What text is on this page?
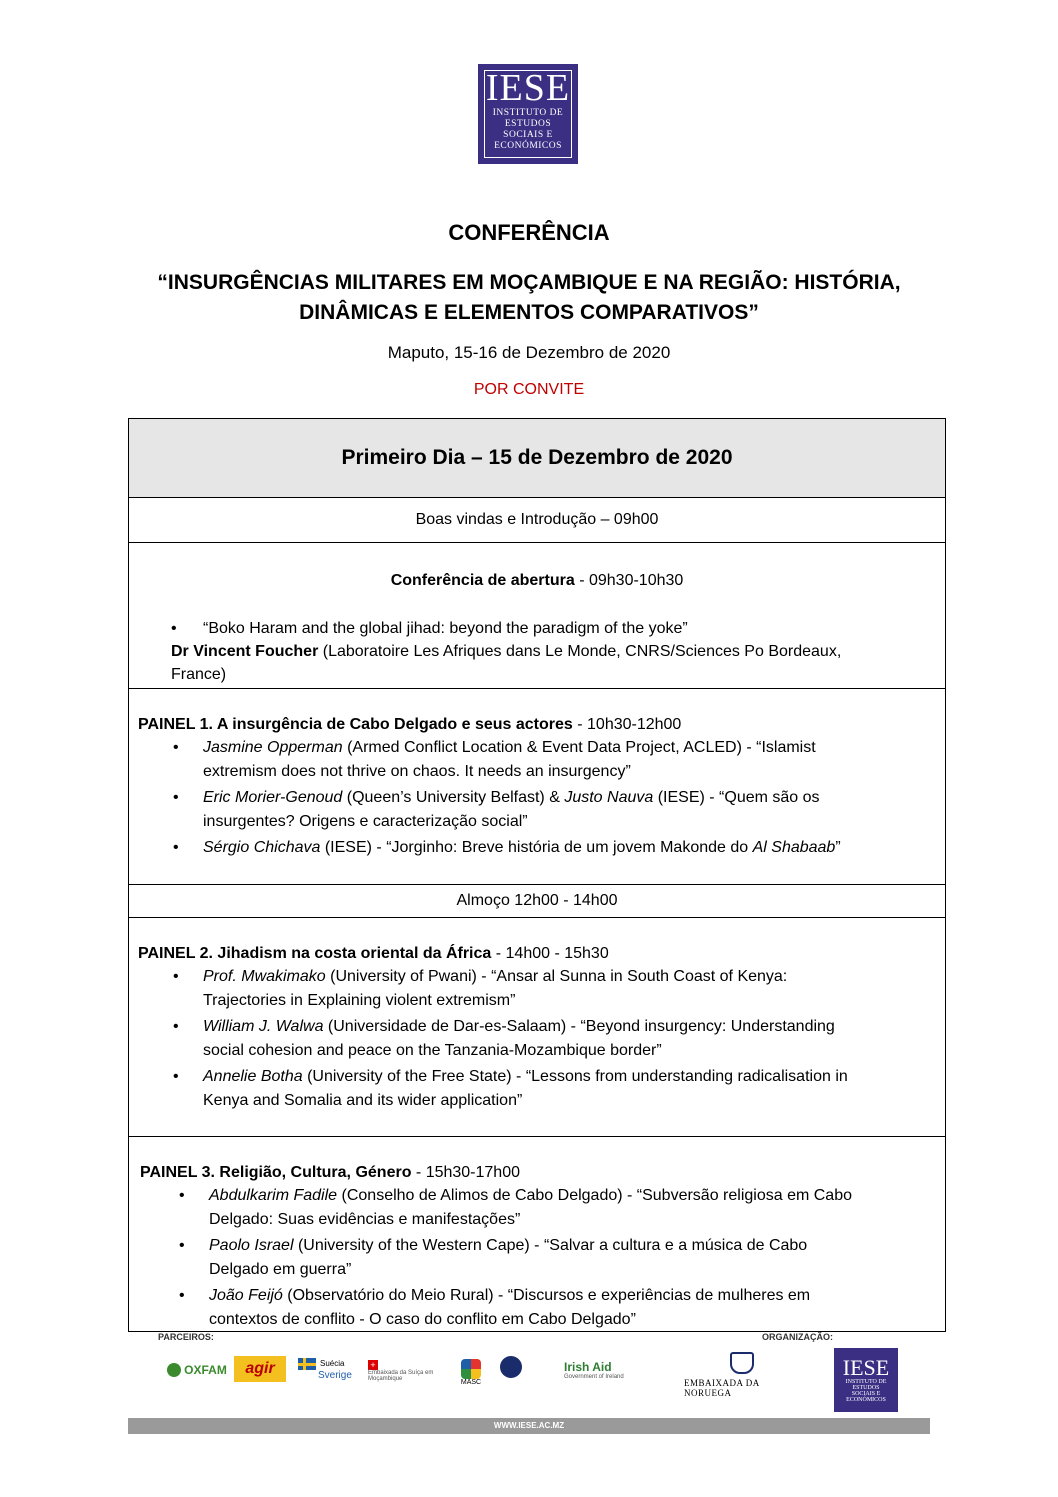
IESE
INSTITUTO DE
ESTUDOS
SOCIAIS E
ECONÓMICOS
CONFERÊNCIA
“INSURGÊNCIAS MILITARES EM MOÇAMBIQUE E NA REGIÃO: HISTÓRIA,
DINÂMICAS E ELEMENTOS COMPARATIVOS”
Maputo, 15-16 de Dezembro de 2020
POR CONVITE
Primeiro Dia – 15 de Dezembro de 2020
Boas vindas e Introdução – 09h00
Conferência de abertura - 09h30-10h30
• “Boko Haram and the global jihad: beyond the paradigm of the yoke”
Dr Vincent Foucher (Laboratoire Les Afriques dans Le Monde, CNRS/Sciences Po Bordeaux,
France)
PAINEL 1. A insurgência de Cabo Delgado e seus actores - 10h30-12h00
• Jasmine Opperman (Armed Conflict Location & Event Data Project, ACLED) - “Islamist
extremism does not thrive on chaos. It needs an insurgency”
• Eric Morier-Genoud (Queen’s University Belfast) & Justo Nauva (IESE) - “Quem são os
insurgentes? Origens e caracterização social”
• Sérgio Chichava (IESE) - “Jorginho: Breve história de um jovem Makonde do Al Shabaab”
Almoço 12h00 - 14h00
PAINEL 2. Jihadism na costa oriental da África - 14h00 - 15h30
• Prof. Mwakimako (University of Pwani) - “Ansar al Sunna in South Coast of Kenya:
Trajectories in Explaining violent extremism”
• William J. Walwa (Universidade de Dar-es-Salaam) - “Beyond insurgency: Understanding
social cohesion and peace on the Tanzania-Mozambique border”
• Annelie Botha (University of the Free State) - “Lessons from understanding radicalisation in
Kenya and Somalia and its wider application”
PAINEL 3. Religião, Cultura, Género - 15h30-17h00
• Abdulkarim Fadile (Conselho de Alimos de Cabo Delgado) - “Subversão religiosa em Cabo
Delgado: Suas evidências e manifestações”
• Paolo Israel (University of the Western Cape) - “Salvar a cultura e a música de Cabo
Delgado em guerra”
• João Feijó (Observatório do Meio Rural) - “Discursos e experiências de mulheres em
contextos de conflito - O caso do conflito em Cabo Delgado”
PARCEIROS:	ORGANIZAÇÃO:
OXFAM	agir	Suécia
Sverige
+
Embaixada da Suíça em Moçambique	MASC
Irish Aid
Government of Ireland
EMBAIXADA DA NORUEGA
IESE
INSTITUTO DE
ESTUDOS
SOCIAIS E
ECONÓMICOS
WWW.IESE.AC.MZ
